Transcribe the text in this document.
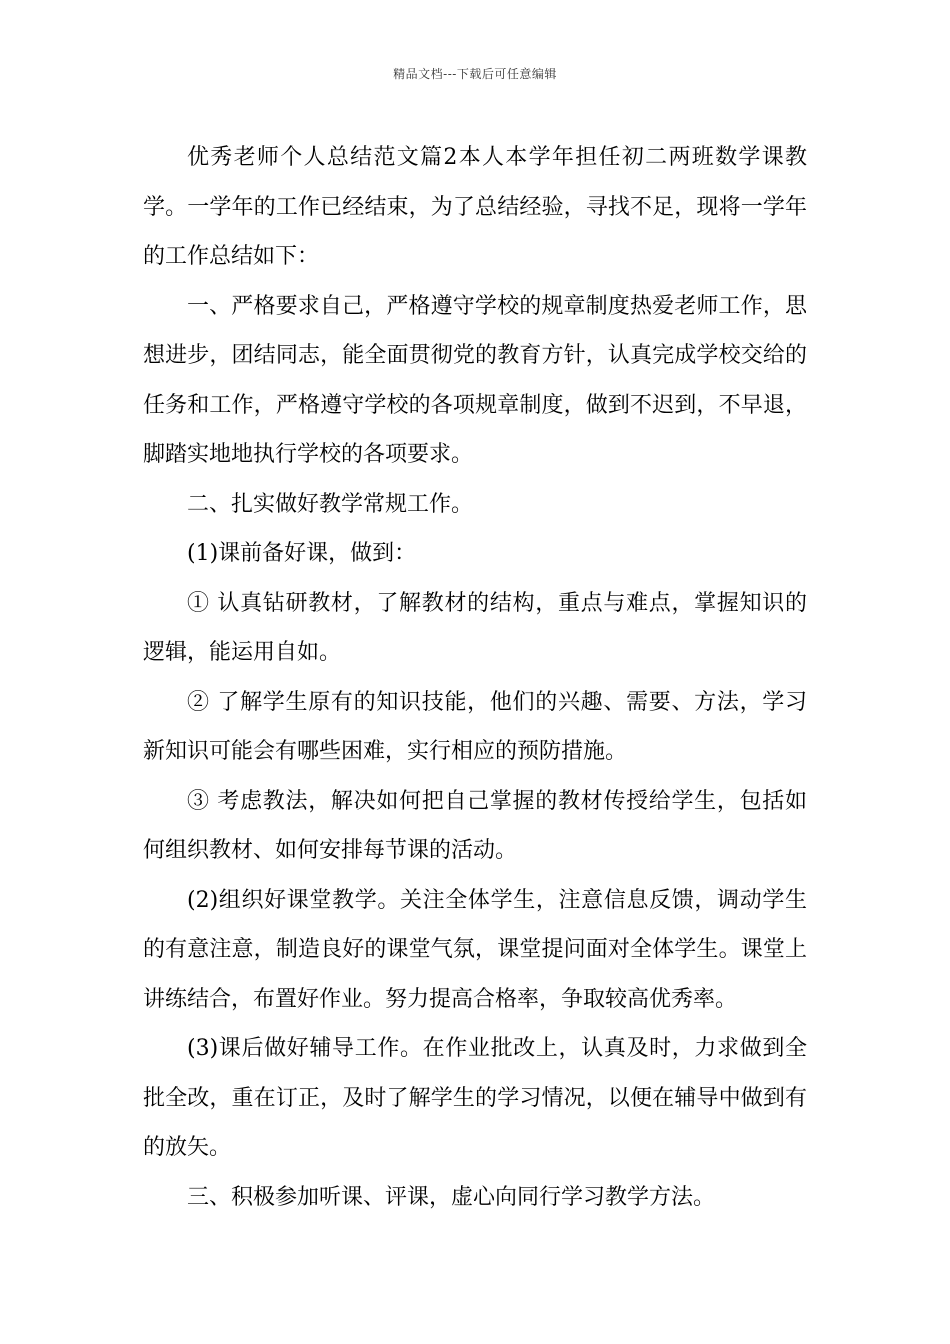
精品文档---下载后可任意编辑

优秀老师个人总结范文篇2本人本学年担任初二两班数学课教学。一学年的工作已经结束，为了总结经验，寻找不足，现将一学年的工作总结如下：

一、严格要求自己，严格遵守学校的规章制度热爱老师工作，思想进步，团结同志，能全面贯彻党的教育方针，认真完成学校交给的任务和工作，严格遵守学校的各项规章制度，做到不迟到，不早退，脚踏实地地执行学校的各项要求。

二、扎实做好教学常规工作。

(1)课前备好课，做到：

① 认真钻研教材，了解教材的结构，重点与难点，掌握知识的逻辑，能运用自如。

② 了解学生原有的知识技能，他们的兴趣、需要、方法，学习新知识可能会有哪些困难，实行相应的预防措施。

③ 考虑教法，解决如何把自己掌握的教材传授给学生，包括如何组织教材、如何安排每节课的活动。

(2)组织好课堂教学。关注全体学生，注意信息反馈，调动学生的有意注意，制造良好的课堂气氛，课堂提问面对全体学生。课堂上讲练结合，布置好作业。努力提高合格率，争取较高优秀率。

(3)课后做好辅导工作。在作业批改上，认真及时，力求做到全批全改，重在订正，及时了解学生的学习情况，以便在辅导中做到有的放矢。

三、积极参加听课、评课，虚心向同行学习教学方法。
